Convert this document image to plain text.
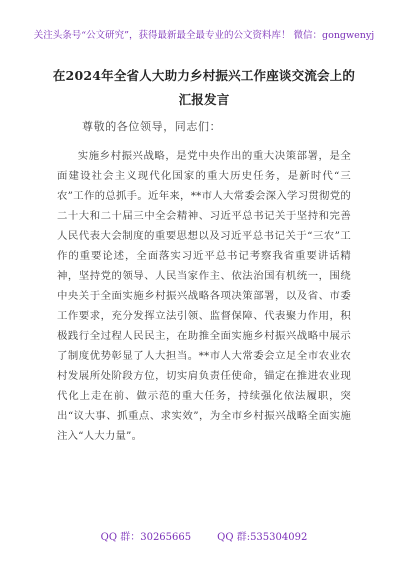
关注头条号“公文研究”，获得最新最全最专业的公文资料库！ 微信：gongwenyj
在2024年全省人大助力乡村振兴工作座谈交流会上的汇报发言
尊敬的各位领导，同志们：

实施乡村振兴战略，是党中央作出的重大决策部署，是全面建设社会主义现代化国家的重大历史任务，是新时代“三农”工作的总抓手。近年来，**市人大常委会深入学习贯彻党的二十大和二十届三中全会精神、习近平总书记关于坚持和完善人民代表大会制度的重要思想以及习近平总书记关于“三农”工作的重要论述，全面落实习近平总书记考察我省重要讲话精神，坚持党的领导、人民当家作主、依法治国有机统一，围绕中央关于全面实施乡村振兴战略各项决策部署，以及省、市委工作要求，充分发挥立法引领、监督保障、代表聚力作用，积极践行全过程人民民主，在助推全面实施乡村振兴战略中展示了制度优势彰显了人大担当。**市人大常委会立足全市农业农村发展所处阶段方位，切实肩负责任使命，锚定在推进农业现代化上走在前、做示范的重大任务，持续强化依法履职，突出“议大事、抓重点、求实效”，为全市乡村振兴战略全面实施注入“人大力量”。

QQ 群：30265665	QQ 群:535304092
